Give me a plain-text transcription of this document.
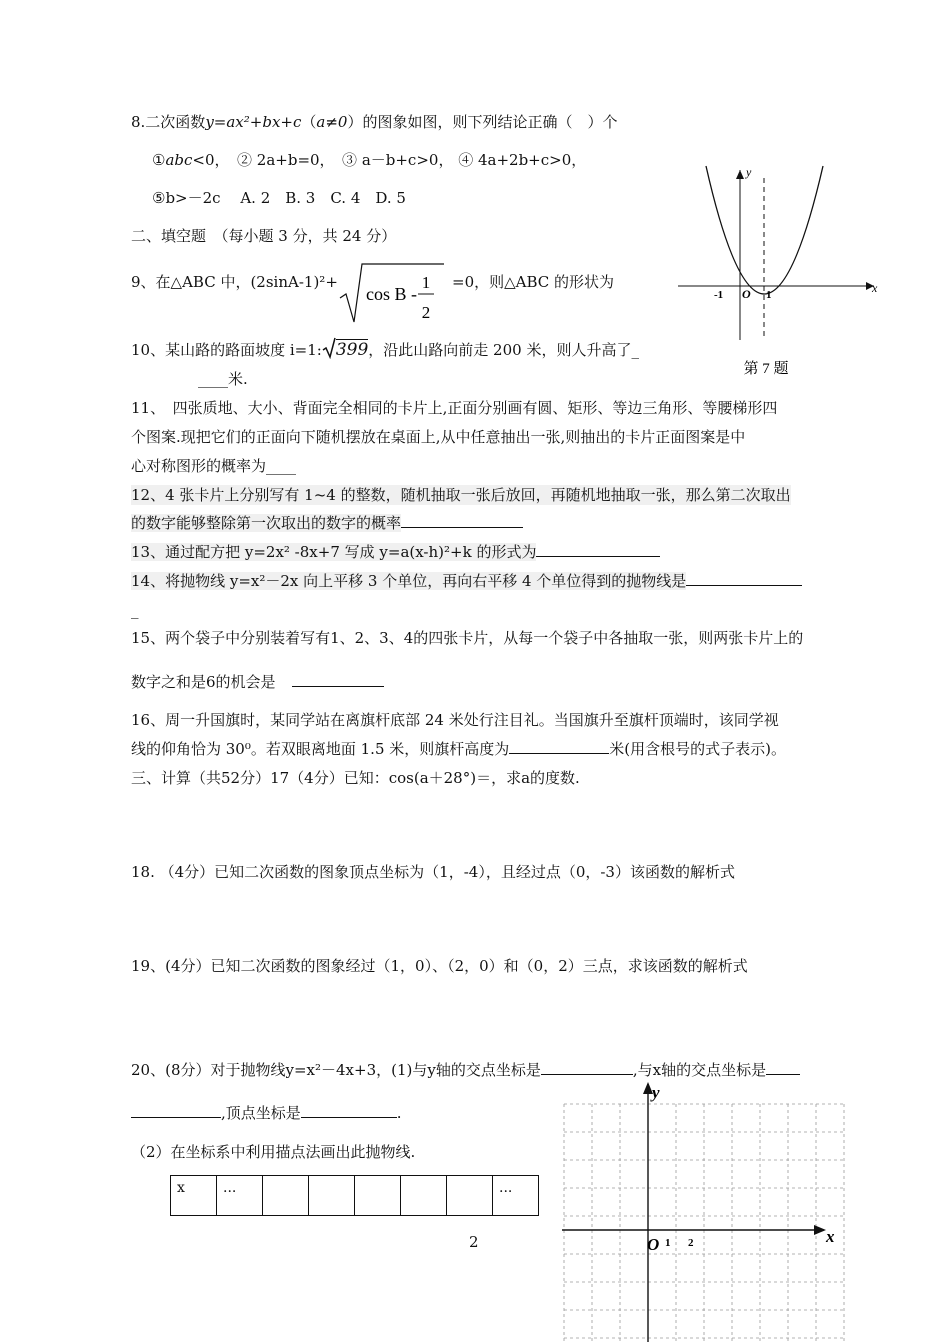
8.二次函数y=ax²+bx+c（a≠0）的图象如图，则下列结论正确（　）个
①abc<0，　② 2a+b=0，　③ a－b+c>0， ④ 4a+2b+c>0，
⑤b>－2c　 A. 2　B. 3　C. 4　D. 5
二、填空题　（每小题 3 分，共 24 分）
9、在△ABC 中，(2sinA-1)²+
cos B -
1
2
=0，则△ABC 的形状为
y
x
O
-1	1
第 7 题
10、某山路的路面坡度 i=1: 399，沿此山路向前走 200 米，则人升高了_
____米.
11、　四张质地、大小、背面完全相同的卡片上,正面分别画有圆、矩形、等边三角形、等腰梯形四
个图案.现把它们的正面向下随机摆放在桌面上,从中任意抽出一张,则抽出的卡片正面图案是中
心对称图形的概率为____
12、4 张卡片上分别写有 1~4 的整数，随机抽取一张后放回，再随机地抽取一张，那么第二次取出
的数字能够整除第一次取出的数字的概率
13、通过配方把 y=2x² -8x+7 写成 y=a(x-h)²+k 的形式为
14、将抛物线 y=x²－2x 向上平移 3 个单位，再向右平移 4 个单位得到的抛物线是
_
15、两个袋子中分别装着写有1、2、3、4的四张卡片，从每一个袋子中各抽取一张，则两张卡片上的
数字之和是6的机会是
16、周一升国旗时，某同学站在离旗杆底部 24 米处行注目礼。当国旗升至旗杆顶端时，该同学视
线的仰角恰为 30⁰。若双眼离地面 1.5 米，则旗杆高度为	米(用含根号的式子表示)。
三、计算（共52分）17（4分）已知：cos(a＋28°)＝，求a的度数.
18. （4分）已知二次函数的图象顶点坐标为（1，-4），且经过点（0，-3）该函数的解析式
19、(4分）已知二次函数的图象经过（1，0）、（2，0）和（0，2）三点，求该函数的解析式
20、(8分）对于抛物线y=x²－4x+3，(1)与y轴的交点坐标是	,与x轴的交点坐标是
,顶点坐标是	.
（2）在坐标系中利用描点法画出此抛物线.
x	...						...
y
x
O 1 2
2
